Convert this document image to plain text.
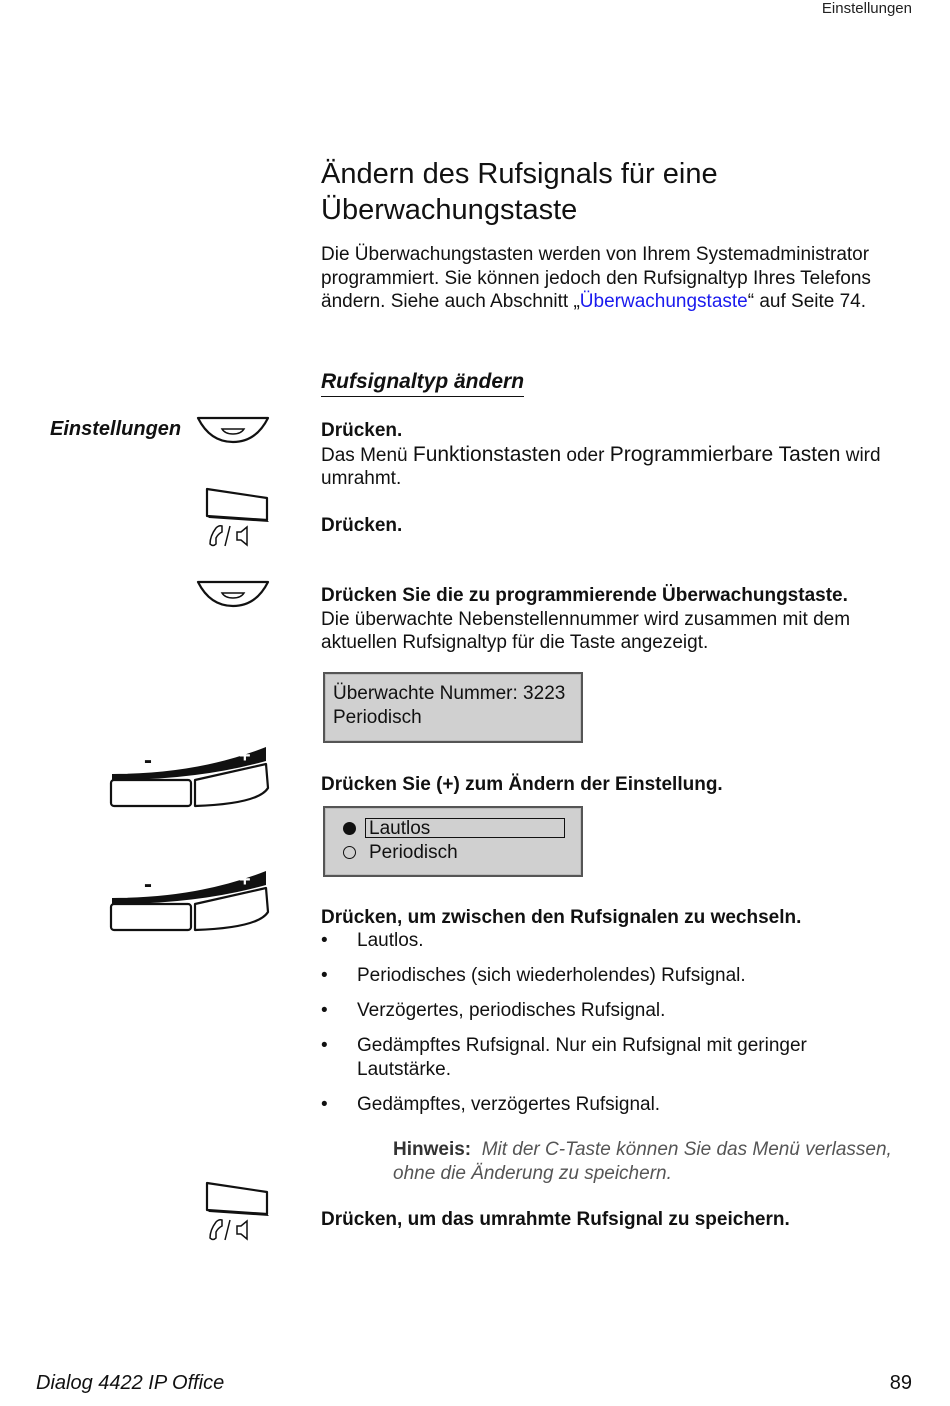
Einstellungen
Ändern des Rufsignals für eine
Überwachungstaste
Die Überwachungstasten werden von Ihrem Systemadministrator programmiert. Sie können jedoch den Rufsignaltyp Ihres Telefons ändern. Siehe auch Abschnitt „Überwachungstaste“ auf Seite 74.
Rufsignaltyp ändern
Einstellungen	Drücken.
Das Menü Funktionstasten oder Programmierbare Tasten wird umrahmt.
Drücken.
Drücken Sie die zu programmierende Überwachungstaste.
Die überwachte Nebenstellennummer wird zusammen mit dem aktuellen Rufsignaltyp für die Taste angezeigt.
Überwachte Nummer: 3223
Periodisch
-	+
Drücken Sie (+) zum Ändern der Einstellung.
Lautlos
Periodisch
-	+
Drücken, um zwischen den Rufsignalen zu wechseln.
• Lautlos.
• Periodisches (sich wiederholendes) Rufsignal.
• Verzögertes, periodisches Rufsignal.
• Gedämpftes Rufsignal. Nur ein Rufsignal mit geringer Lautstärke.
• Gedämpftes, verzögertes Rufsignal.
Hinweis: Mit der C-Taste können Sie das Menü verlassen, ohne die Änderung zu speichern.
Drücken, um das umrahmte Rufsignal zu speichern.
Dialog 4422 IP Office	89
